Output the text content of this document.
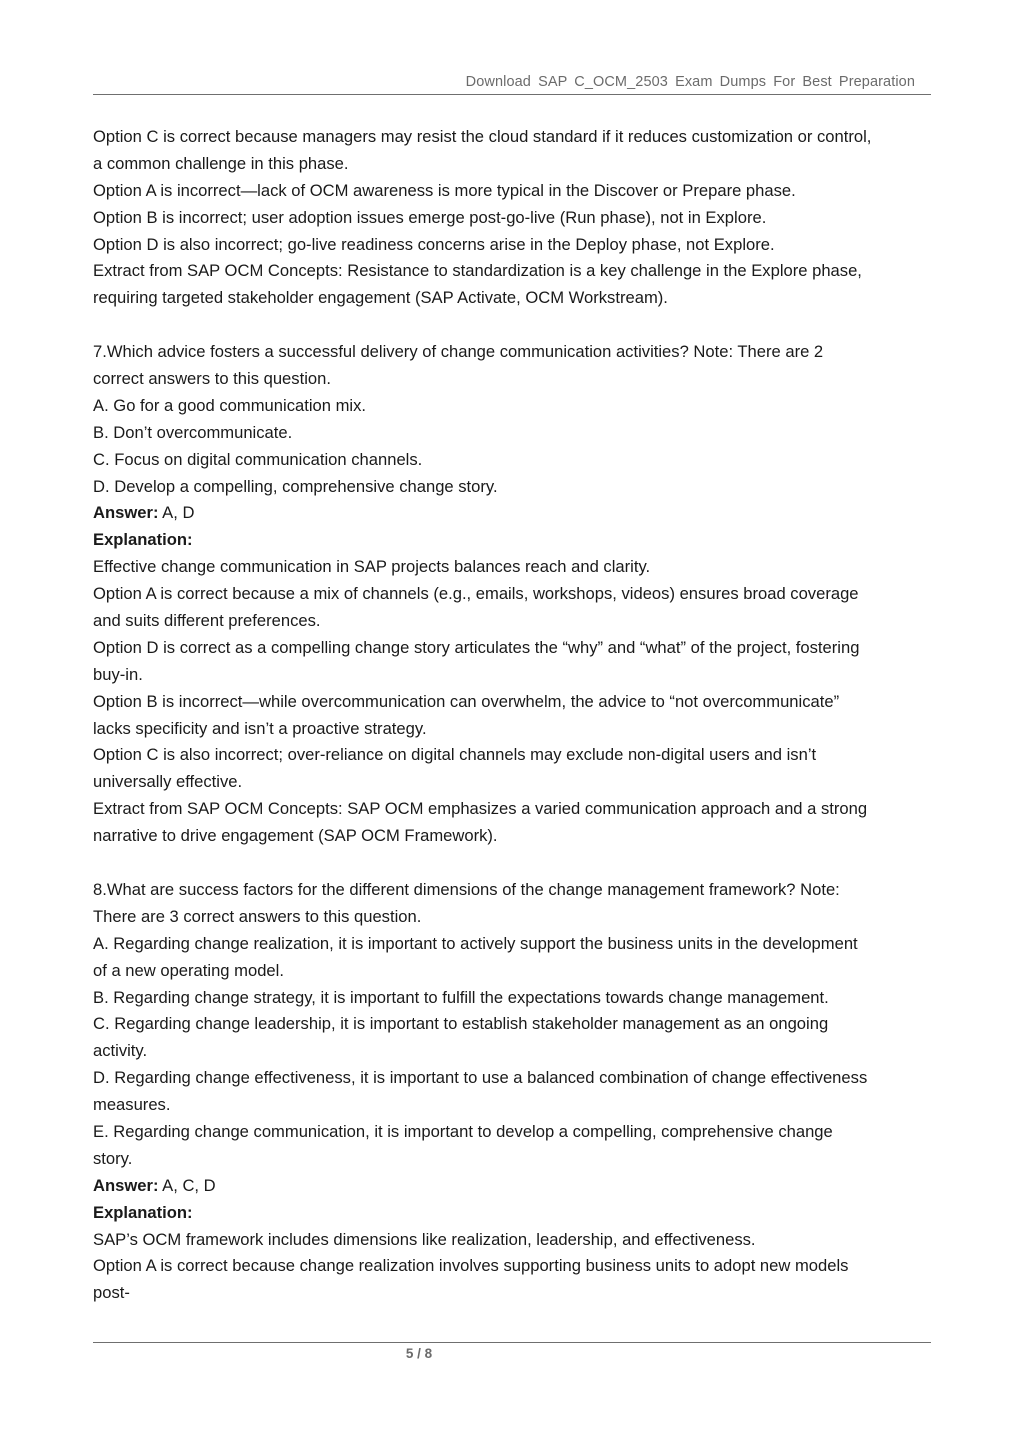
Download SAP C_OCM_2503 Exam Dumps For Best Preparation
Option C is correct because managers may resist the cloud standard if it reduces customization or control,
a common challenge in this phase.
Option A is incorrect—lack of OCM awareness is more typical in the Discover or Prepare phase.
Option B is incorrect; user adoption issues emerge post-go-live (Run phase), not in Explore.
Option D is also incorrect; go-live readiness concerns arise in the Deploy phase, not Explore.
Extract from SAP OCM Concepts: Resistance to standardization is a key challenge in the Explore phase,
requiring targeted stakeholder engagement (SAP Activate, OCM Workstream).
7.Which advice fosters a successful delivery of change communication activities? Note: There are 2
correct answers to this question.
A. Go for a good communication mix.
B. Don’t overcommunicate.
C. Focus on digital communication channels.
D. Develop a compelling, comprehensive change story.
Answer: A, D
Explanation:
Effective change communication in SAP projects balances reach and clarity.
Option A is correct because a mix of channels (e.g., emails, workshops, videos) ensures broad coverage
and suits different preferences.
Option D is correct as a compelling change story articulates the “why” and “what” of the project, fostering
buy-in.
Option B is incorrect—while overcommunication can overwhelm, the advice to “not overcommunicate”
lacks specificity and isn’t a proactive strategy.
Option C is also incorrect; over-reliance on digital channels may exclude non-digital users and isn’t
universally effective.
Extract from SAP OCM Concepts: SAP OCM emphasizes a varied communication approach and a strong
narrative to drive engagement (SAP OCM Framework).
8.What are success factors for the different dimensions of the change management framework? Note:
There are 3 correct answers to this question.
A. Regarding change realization, it is important to actively support the business units in the development
of a new operating model.
B. Regarding change strategy, it is important to fulfill the expectations towards change management.
C. Regarding change leadership, it is important to establish stakeholder management as an ongoing
activity.
D. Regarding change effectiveness, it is important to use a balanced combination of change effectiveness
measures.
E. Regarding change communication, it is important to develop a compelling, comprehensive change
story.
Answer: A, C, D
Explanation:
SAP’s OCM framework includes dimensions like realization, leadership, and effectiveness.
Option A is correct because change realization involves supporting business units to adopt new models
post-
5 / 8
